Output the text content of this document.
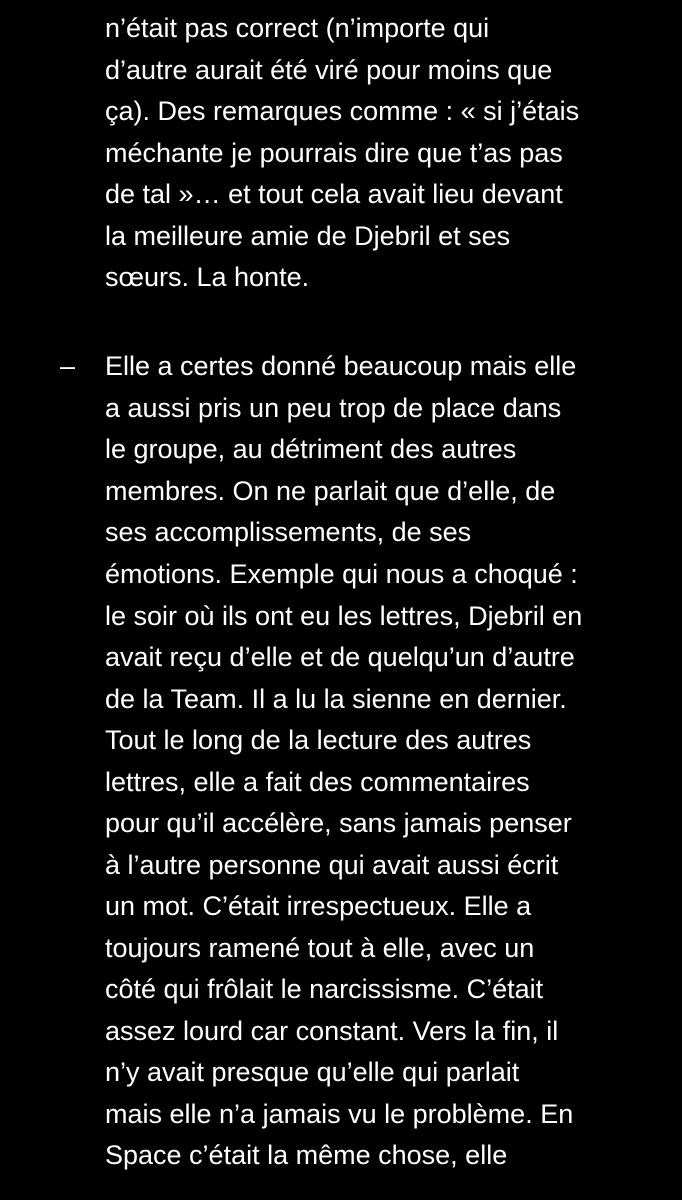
n’était pas correct (n’importe qui
d’autre aurait été viré pour moins que
ça). Des remarques comme : « si j’étais
méchante je pourrais dire que t’as pas
de tal »… et tout cela avait lieu devant
la meilleure amie de Djebril et ses
sœurs. La honte.
– Elle a certes donné beaucoup mais elle
a aussi pris un peu trop de place dans
le groupe, au détriment des autres
membres. On ne parlait que d’elle, de
ses accomplissements, de ses
émotions. Exemple qui nous a choqué :
le soir où ils ont eu les lettres, Djebril en
avait reçu d’elle et de quelqu’un d’autre
de la Team. Il a lu la sienne en dernier.
Tout le long de la lecture des autres
lettres, elle a fait des commentaires
pour qu’il accélère, sans jamais penser
à l’autre personne qui avait aussi écrit
un mot. C’était irrespectueux. Elle a
toujours ramené tout à elle, avec un
côté qui frôlait le narcissisme. C’était
assez lourd car constant. Vers la fin, il
n’y avait presque qu’elle qui parlait
mais elle n’a jamais vu le problème. En
Space c’était la même chose, elle
